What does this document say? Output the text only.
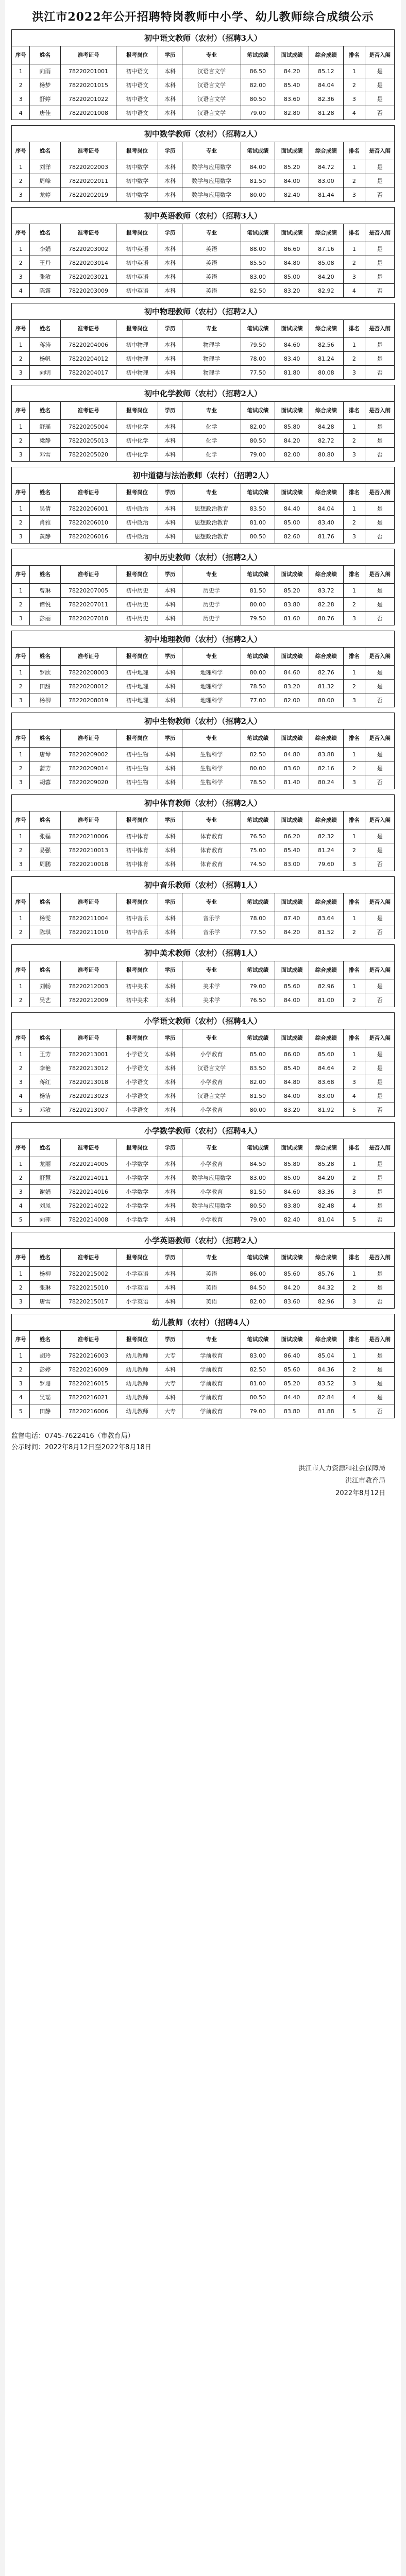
洪江市2022年公开招聘特岗教师中小学、幼儿教师综合成绩公示
初中语文教师（农村）（招聘3人）
序号	姓名	准考证号	报考岗位	学历	专业	笔试成绩	面试成绩	综合成绩	排名	是否入闱
1	向雨	78220201001	初中语文	本科	汉语言文学	86.50	84.20	85.12	1	是
2	杨梦	78220201015	初中语文	本科	汉语言文学	82.00	85.40	84.04	2	是
3	舒婷	78220201022	初中语文	本科	汉语言文学	80.50	83.60	82.36	3	是
4	唐佳	78220201008	初中语文	本科	汉语言文学	79.00	82.80	81.28	4	否
初中数学教师（农村）（招聘2人）
序号	姓名	准考证号	报考岗位	学历	专业	笔试成绩	面试成绩	综合成绩	排名	是否入闱
1	刘洋	78220202003	初中数学	本科	数学与应用数学	84.00	85.20	84.72	1	是
2	周峰	78220202011	初中数学	本科	数学与应用数学	81.50	84.00	83.00	2	是
3	龙婷	78220202019	初中数学	本科	数学与应用数学	80.00	82.40	81.44	3	否
初中英语教师（农村）（招聘3人）
序号	姓名	准考证号	报考岗位	学历	专业	笔试成绩	面试成绩	综合成绩	排名	是否入闱
1	李娟	78220203002	初中英语	本科	英语	88.00	86.60	87.16	1	是
2	王丹	78220203014	初中英语	本科	英语	85.50	84.80	85.08	2	是
3	张敏	78220203021	初中英语	本科	英语	83.00	85.00	84.20	3	是
4	陈露	78220203009	初中英语	本科	英语	82.50	83.20	82.92	4	否
初中物理教师（农村）（招聘2人）
序号	姓名	准考证号	报考岗位	学历	专业	笔试成绩	面试成绩	综合成绩	排名	是否入闱
1	蒋涛	78220204006	初中物理	本科	物理学	79.50	84.60	82.56	1	是
2	杨帆	78220204012	初中物理	本科	物理学	78.00	83.40	81.24	2	是
3	向明	78220204017	初中物理	本科	物理学	77.50	81.80	80.08	3	否
初中化学教师（农村）（招聘2人）
序号	姓名	准考证号	报考岗位	学历	专业	笔试成绩	面试成绩	综合成绩	排名	是否入闱
1	舒瑶	78220205004	初中化学	本科	化学	82.00	85.80	84.28	1	是
2	梁静	78220205013	初中化学	本科	化学	80.50	84.20	82.72	2	是
3	邓雪	78220205020	初中化学	本科	化学	79.00	82.00	80.80	3	否
初中道德与法治教师（农村）（招聘2人）
序号	姓名	准考证号	报考岗位	学历	专业	笔试成绩	面试成绩	综合成绩	排名	是否入闱
1	吴倩	78220206001	初中政治	本科	思想政治教育	83.50	84.40	84.04	1	是
2	肖雅	78220206010	初中政治	本科	思想政治教育	81.00	85.00	83.40	2	是
3	黄静	78220206016	初中政治	本科	思想政治教育	80.50	82.60	81.76	3	否
初中历史教师（农村）（招聘2人）
序号	姓名	准考证号	报考岗位	学历	专业	笔试成绩	面试成绩	综合成绩	排名	是否入闱
1	曾琳	78220207005	初中历史	本科	历史学	81.50	85.20	83.72	1	是
2	谭悦	78220207011	初中历史	本科	历史学	80.00	83.80	82.28	2	是
3	彭丽	78220207018	初中历史	本科	历史学	79.50	81.60	80.76	3	否
初中地理教师（农村）（招聘2人）
序号	姓名	准考证号	报考岗位	学历	专业	笔试成绩	面试成绩	综合成绩	排名	是否入闱
1	罗欣	78220208003	初中地理	本科	地理科学	80.00	84.60	82.76	1	是
2	田甜	78220208012	初中地理	本科	地理科学	78.50	83.20	81.32	2	是
3	杨柳	78220208019	初中地理	本科	地理科学	77.00	82.00	80.00	3	否
初中生物教师（农村）（招聘2人）
序号	姓名	准考证号	报考岗位	学历	专业	笔试成绩	面试成绩	综合成绩	排名	是否入闱
1	唐琴	78220209002	初中生物	本科	生物科学	82.50	84.80	83.88	1	是
2	蒲芳	78220209014	初中生物	本科	生物科学	80.00	83.60	82.16	2	是
3	胡蓉	78220209020	初中生物	本科	生物科学	78.50	81.40	80.24	3	否
初中体育教师（农村）（招聘2人）
序号	姓名	准考证号	报考岗位	学历	专业	笔试成绩	面试成绩	综合成绩	排名	是否入闱
1	张磊	78220210006	初中体育	本科	体育教育	76.50	86.20	82.32	1	是
2	易强	78220210013	初中体育	本科	体育教育	75.00	85.40	81.24	2	是
3	周鹏	78220210018	初中体育	本科	体育教育	74.50	83.00	79.60	3	否
初中音乐教师（农村）（招聘1人）
序号	姓名	准考证号	报考岗位	学历	专业	笔试成绩	面试成绩	综合成绩	排名	是否入闱
1	杨雯	78220211004	初中音乐	本科	音乐学	78.00	87.40	83.64	1	是
2	陈琪	78220211010	初中音乐	本科	音乐学	77.50	84.20	81.52	2	否
初中美术教师（农村）（招聘1人）
序号	姓名	准考证号	报考岗位	学历	专业	笔试成绩	面试成绩	综合成绩	排名	是否入闱
1	刘畅	78220212003	初中美术	本科	美术学	79.00	85.60	82.96	1	是
2	吴艺	78220212009	初中美术	本科	美术学	76.50	84.00	81.00	2	否
小学语文教师（农村）（招聘4人）
序号	姓名	准考证号	报考岗位	学历	专业	笔试成绩	面试成绩	综合成绩	排名	是否入闱
1	王芳	78220213001	小学语文	本科	小学教育	85.00	86.00	85.60	1	是
2	李艳	78220213012	小学语文	本科	汉语言文学	83.50	85.40	84.64	2	是
3	蒋红	78220213018	小学语文	本科	小学教育	82.00	84.80	83.68	3	是
4	杨洁	78220213023	小学语文	本科	汉语言文学	81.50	84.00	83.00	4	是
5	邓敏	78220213007	小学语文	本科	小学教育	80.00	83.20	81.92	5	否
小学数学教师（农村）（招聘4人）
序号	姓名	准考证号	报考岗位	学历	专业	笔试成绩	面试成绩	综合成绩	排名	是否入闱
1	龙丽	78220214005	小学数学	本科	小学教育	84.50	85.80	85.28	1	是
2	舒慧	78220214011	小学数学	本科	数学与应用数学	83.00	85.00	84.20	2	是
3	谢娟	78220214016	小学数学	本科	小学教育	81.50	84.60	83.36	3	是
4	刘凤	78220214022	小学数学	本科	数学与应用数学	80.50	83.80	82.48	4	是
5	向萍	78220214008	小学数学	本科	小学教育	79.00	82.40	81.04	5	否
小学英语教师（农村）（招聘2人）
序号	姓名	准考证号	报考岗位	学历	专业	笔试成绩	面试成绩	综合成绩	排名	是否入闱
1	杨柳	78220215002	小学英语	本科	英语	86.00	85.60	85.76	1	是
2	张琳	78220215010	小学英语	本科	英语	84.50	84.20	84.32	2	是
3	唐雪	78220215017	小学英语	本科	英语	82.00	83.60	82.96	3	否
幼儿教师（农村）（招聘4人）
序号	姓名	准考证号	报考岗位	学历	专业	笔试成绩	面试成绩	综合成绩	排名	是否入闱
1	胡玲	78220216003	幼儿教师	大专	学前教育	83.00	86.40	85.04	1	是
2	彭婷	78220216009	幼儿教师	本科	学前教育	82.50	85.60	84.36	2	是
3	罗珊	78220216015	幼儿教师	大专	学前教育	81.00	85.20	83.52	3	是
4	吴瑶	78220216021	幼儿教师	本科	学前教育	80.50	84.40	82.84	4	是
5	田静	78220216006	幼儿教师	大专	学前教育	79.00	83.80	81.88	5	否
监督电话：0745-7622416（市教育局）
公示时间：2022年8月12日至2022年8月18日
洪江市人力资源和社会保障局
洪江市教育局
2022年8月12日
